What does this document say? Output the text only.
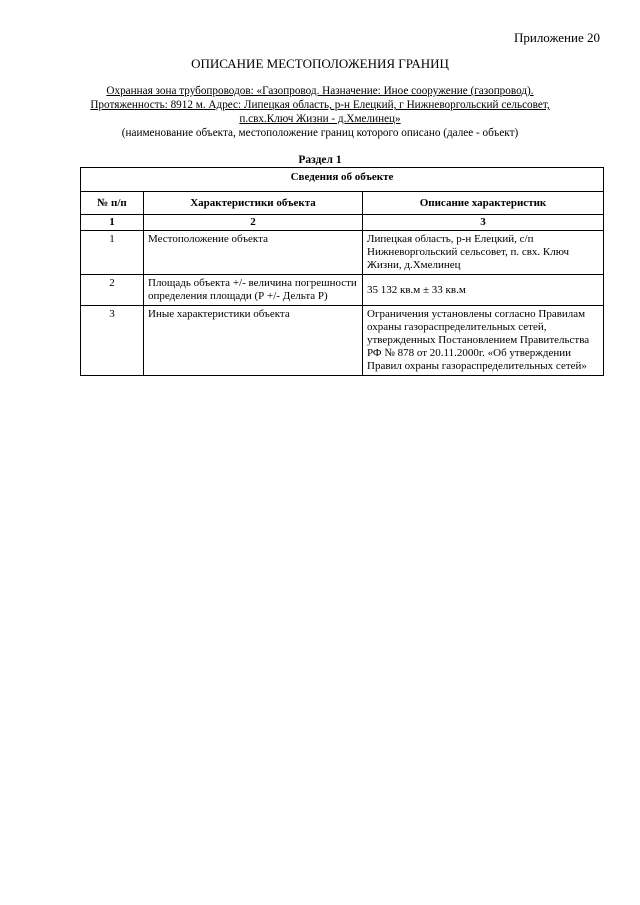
Приложение 20
ОПИСАНИЕ МЕСТОПОЛОЖЕНИЯ ГРАНИЦ
Охранная зона трубопроводов: «Газопровод. Назначение: Иное сооружение (газопровод).
Протяженность: 8912 м. Адрес: Липецкая область, р-н Елецкий, г Нижневоргольский сельсовет,
п.свх.Ключ Жизни - д.Хмелинец»
(наименование объекта, местоположение границ которого описано (далее - объект)
Раздел 1
Сведения об объекте		
№ п/п	Характеристики объекта	Описание характеристик
1	2	3
1	Местоположение объекта	Липецкая область, р-н Елецкий, с/п Нижневоргольский сельсовет, п. свх. Ключ Жизни, д.Хмелинец
2	Площадь объекта +/- величина погрешности определения площади (Р +/- Дельта Р)	35 132 кв.м ± 33 кв.м
3	Иные характеристики объекта	Ограничения установлены согласно Правилам охраны газораспределительных сетей, утвержденных Постановлением Правительства РФ № 878 от 20.11.2000г. «Об утверждении Правил охраны газораспределительных сетей»
